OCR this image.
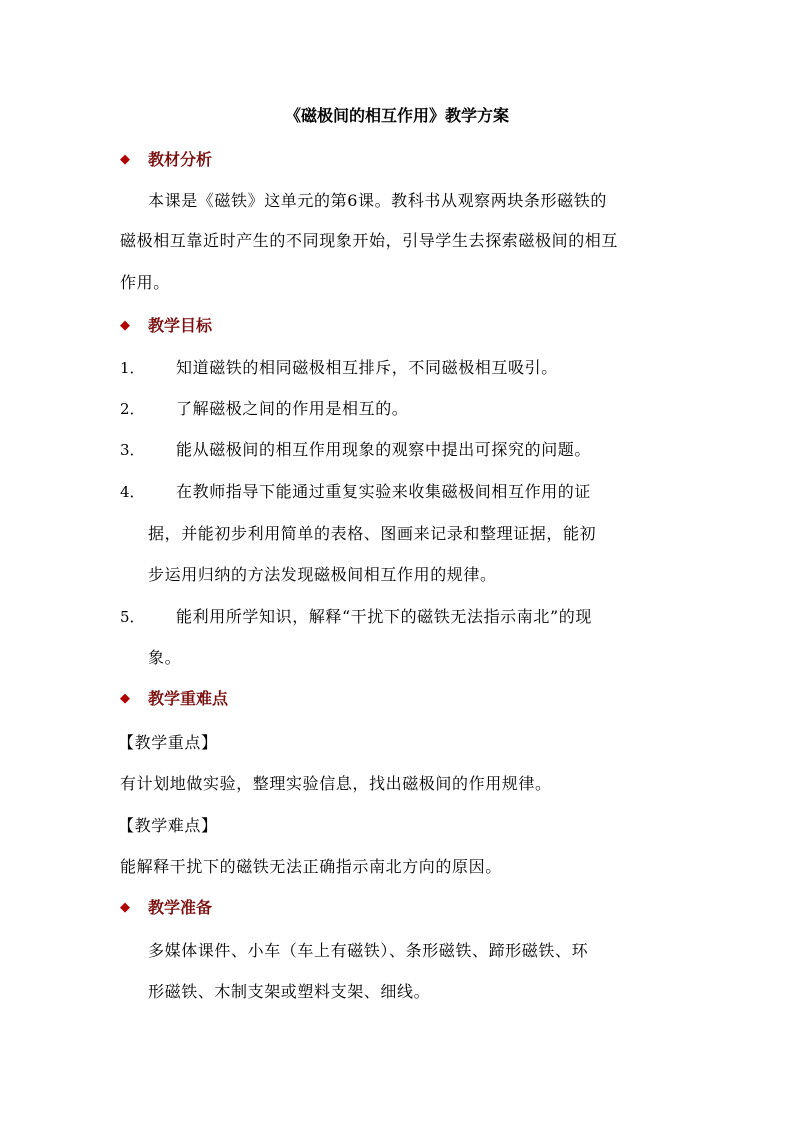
《磁极间的相互作用》教学方案
◆ 教材分析
本课是《磁铁》这单元的第6课。教科书从观察两块条形磁铁的
磁极相互靠近时产生的不同现象开始，引导学生去探索磁极间的相互
作用。
◆ 教学目标
1． 知道磁铁的相同磁极相互排斥，不同磁极相互吸引。
2． 了解磁极之间的作用是相互的。
3． 能从磁极间的相互作用现象的观察中提出可探究的问题。
4． 在教师指导下能通过重复实验来收集磁极间相互作用的证
据，并能初步利用简单的表格、图画来记录和整理证据，能初
步运用归纳的方法发现磁极间相互作用的规律。
5． 能利用所学知识，解释“干扰下的磁铁无法指示南北”的现
象。
◆ 教学重难点
【教学重点】
有计划地做实验，整理实验信息，找出磁极间的作用规律。
【教学难点】
能解释干扰下的磁铁无法正确指示南北方向的原因。
◆ 教学准备
多媒体课件、小车（车上有磁铁）、条形磁铁、蹄形磁铁、环
形磁铁、木制支架或塑料支架、细线。
